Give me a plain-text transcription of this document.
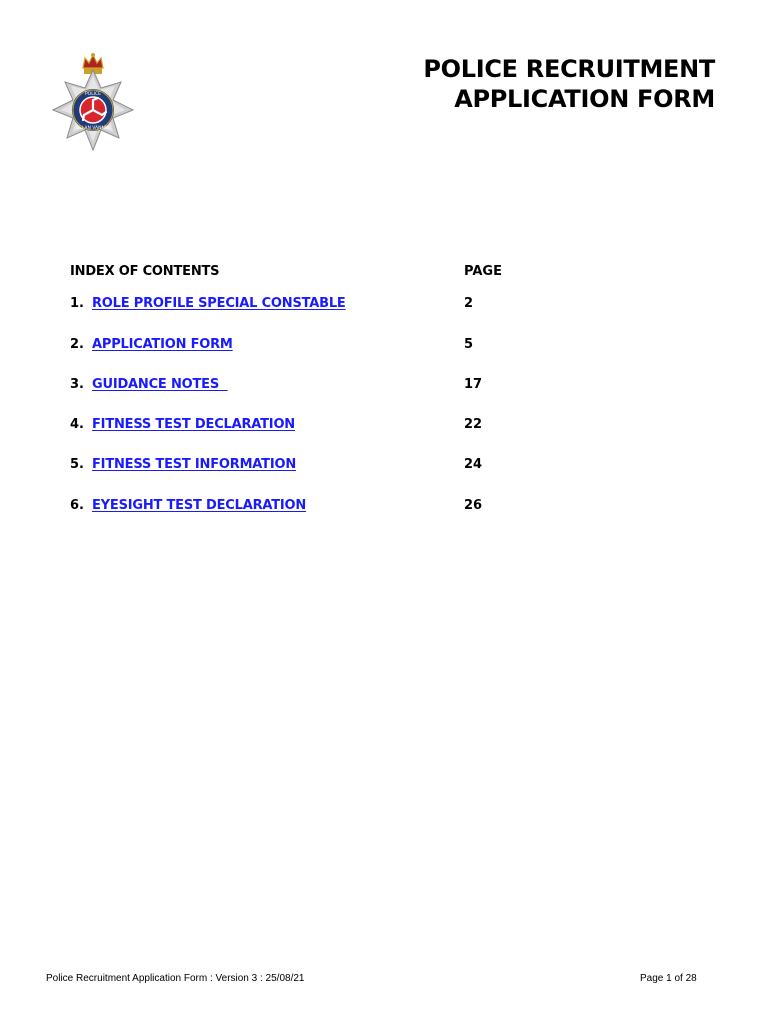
POLICE
ELLAN VANNIN
POLICE RECRUITMENT
APPLICATION FORM
INDEX OF CONTENTS	PAGE
1. ROLE PROFILE SPECIAL CONSTABLE	2
2. APPLICATION FORM	5
3. GUIDANCE NOTES	17
4. FITNESS TEST DECLARATION	22
5. FITNESS TEST INFORMATION	24
6. EYESIGHT TEST DECLARATION	26
Police Recruitment Application Form : Version 3 : 25/08/21	Page 1 of 28
